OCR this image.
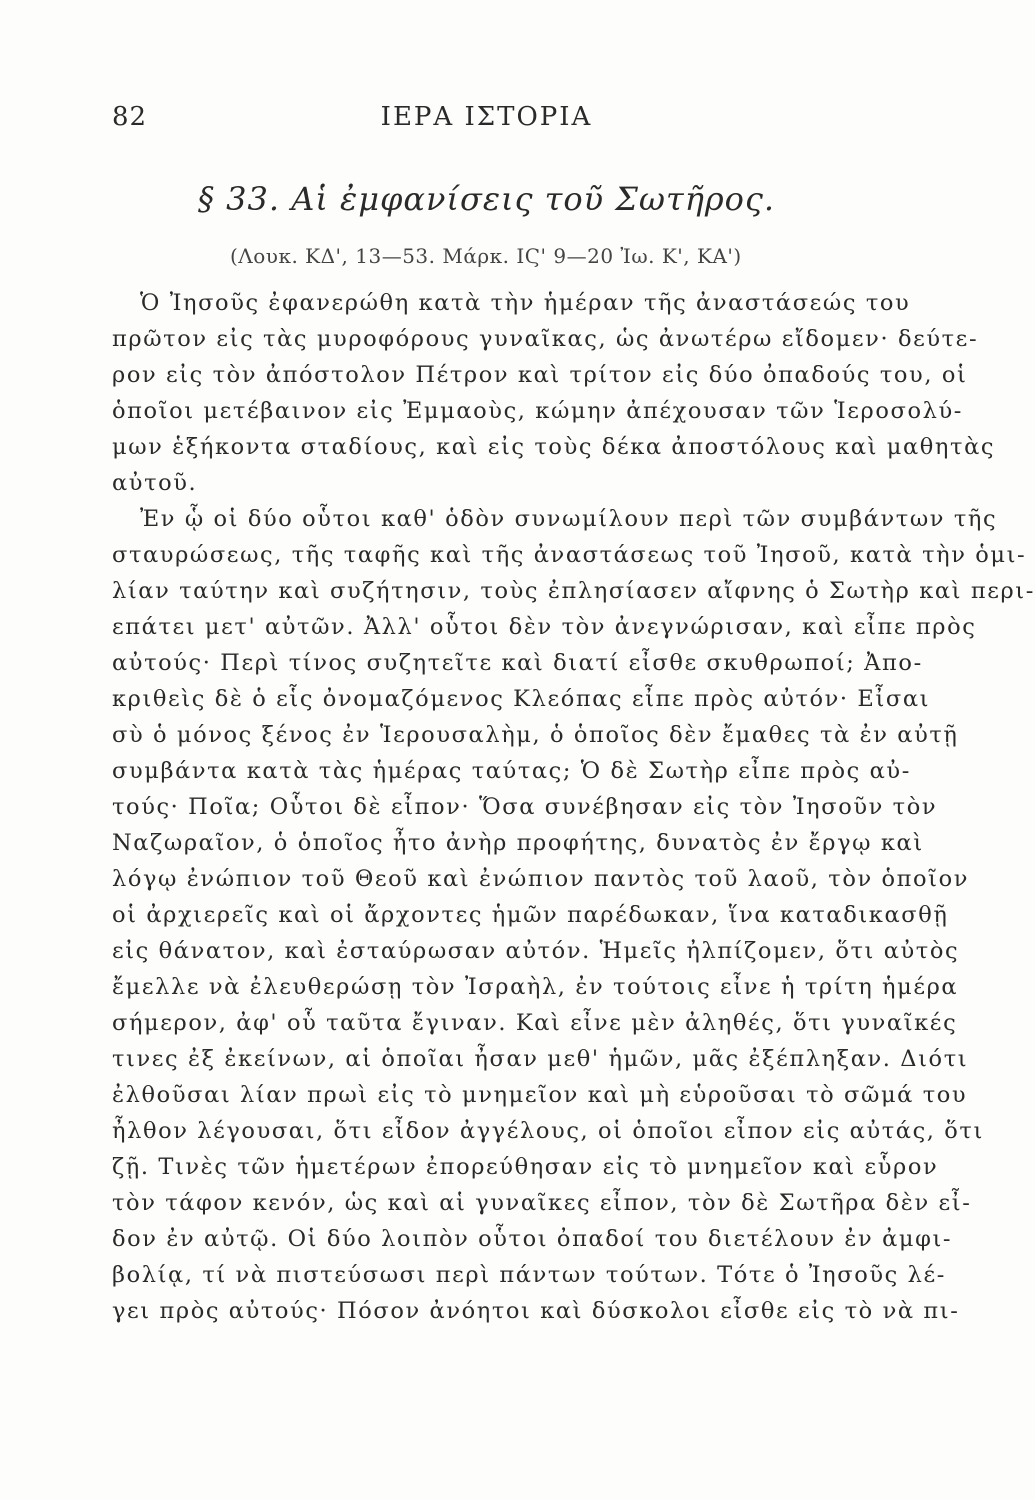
82	ΙΕΡΑ ΙΣΤΟΡΙΑ
§ 33. Αἱ ἐμφανίσεις τοῦ Σωτῆρος.
(Λουκ. ΚΔ', 13—53. Μάρκ. ΙϚ' 9—20 Ἰω. Κ', ΚΑ')
Ὁ Ἰησοῦς ἐφανερώθη κατὰ τὴν ἡμέραν τῆς ἀναστάσεώς του
πρῶτον εἰς τὰς μυροφόρους γυναῖκας, ὡς ἀνωτέρω εἴδομεν· δεύτε-
ρον εἰς τὸν ἀπόστολον Πέτρον καὶ τρίτον εἰς δύο ὀπαδούς του, οἱ
ὁποῖοι μετέβαινον εἰς Ἐμμαοὺς, κώμην ἀπέχουσαν τῶν Ἱεροσολύ-
μων ἑξήκοντα σταδίους, καὶ εἰς τοὺς δέκα ἀποστόλους καὶ μαθητὰς
αὐτοῦ.
Ἐν ᾧ οἱ δύο οὗτοι καθ' ὁδὸν συνωμίλουν περὶ τῶν συμβάντων τῆς
σταυρώσεως, τῆς ταφῆς καὶ τῆς ἀναστάσεως τοῦ Ἰησοῦ, κατὰ τὴν ὁμι-
λίαν ταύτην καὶ συζήτησιν, τοὺς ἐπλησίασεν αἴφνης ὁ Σωτὴρ καὶ περι-
επάτει μετ' αὐτῶν. Ἀλλ' οὗτοι δὲν τὸν ἀνεγνώρισαν, καὶ εἶπε πρὸς
αὐτούς· Περὶ τίνος συζητεῖτε καὶ διατί εἶσθε σκυθρωποί; Ἀπο-
κριθεὶς δὲ ὁ εἷς ὀνομαζόμενος Κλεόπας εἶπε πρὸς αὐτόν· Εἶσαι
σὺ ὁ μόνος ξένος ἐν Ἱερουσαλὴμ, ὁ ὁποῖος δὲν ἔμαθες τὰ ἐν αὐτῇ
συμβάντα κατὰ τὰς ἡμέρας ταύτας; Ὁ δὲ Σωτὴρ εἶπε πρὸς αὐ-
τούς· Ποῖα; Οὗτοι δὲ εἶπον· Ὅσα συνέβησαν εἰς τὸν Ἰησοῦν τὸν
Ναζωραῖον, ὁ ὁποῖος ἦτο ἀνὴρ προφήτης, δυνατὸς ἐν ἔργῳ καὶ
λόγῳ ἐνώπιον τοῦ Θεοῦ καὶ ἐνώπιον παντὸς τοῦ λαοῦ, τὸν ὁποῖον
οἱ ἀρχιερεῖς καὶ οἱ ἄρχοντες ἡμῶν παρέδωκαν, ἵνα καταδικασθῇ
εἰς θάνατον, καὶ ἐσταύρωσαν αὐτόν. Ἡμεῖς ἠλπίζομεν, ὅτι αὐτὸς
ἔμελλε νὰ ἐλευθερώσῃ τὸν Ἰσραὴλ, ἐν τούτοις εἶνε ἡ τρίτη ἡμέρα
σήμερον, ἀφ' οὗ ταῦτα ἔγιναν. Καὶ εἶνε μὲν ἀληθές, ὅτι γυναῖκές
τινες ἐξ ἐκείνων, αἱ ὁποῖαι ἦσαν μεθ' ἡμῶν, μᾶς ἐξέπληξαν. Διότι
ἐλθοῦσαι λίαν πρωὶ εἰς τὸ μνημεῖον καὶ μὴ εὑροῦσαι τὸ σῶμά του
ἦλθον λέγουσαι, ὅτι εἶδον ἀγγέλους, οἱ ὁποῖοι εἶπον εἰς αὐτάς, ὅτι
ζῇ. Τινὲς τῶν ἡμετέρων ἐπορεύθησαν εἰς τὸ μνημεῖον καὶ εὗρον
τὸν τάφον κενόν, ὡς καὶ αἱ γυναῖκες εἶπον, τὸν δὲ Σωτῆρα δὲν εἶ-
δον ἐν αὐτῷ. Οἱ δύο λοιπὸν οὗτοι ὀπαδοί του διετέλουν ἐν ἀμφι-
βολίᾳ, τί νὰ πιστεύσωσι περὶ πάντων τούτων. Τότε ὁ Ἰησοῦς λέ-
γει πρὸς αὐτούς· Πόσον ἀνόητοι καὶ δύσκολοι εἶσθε εἰς τὸ νὰ πι-
